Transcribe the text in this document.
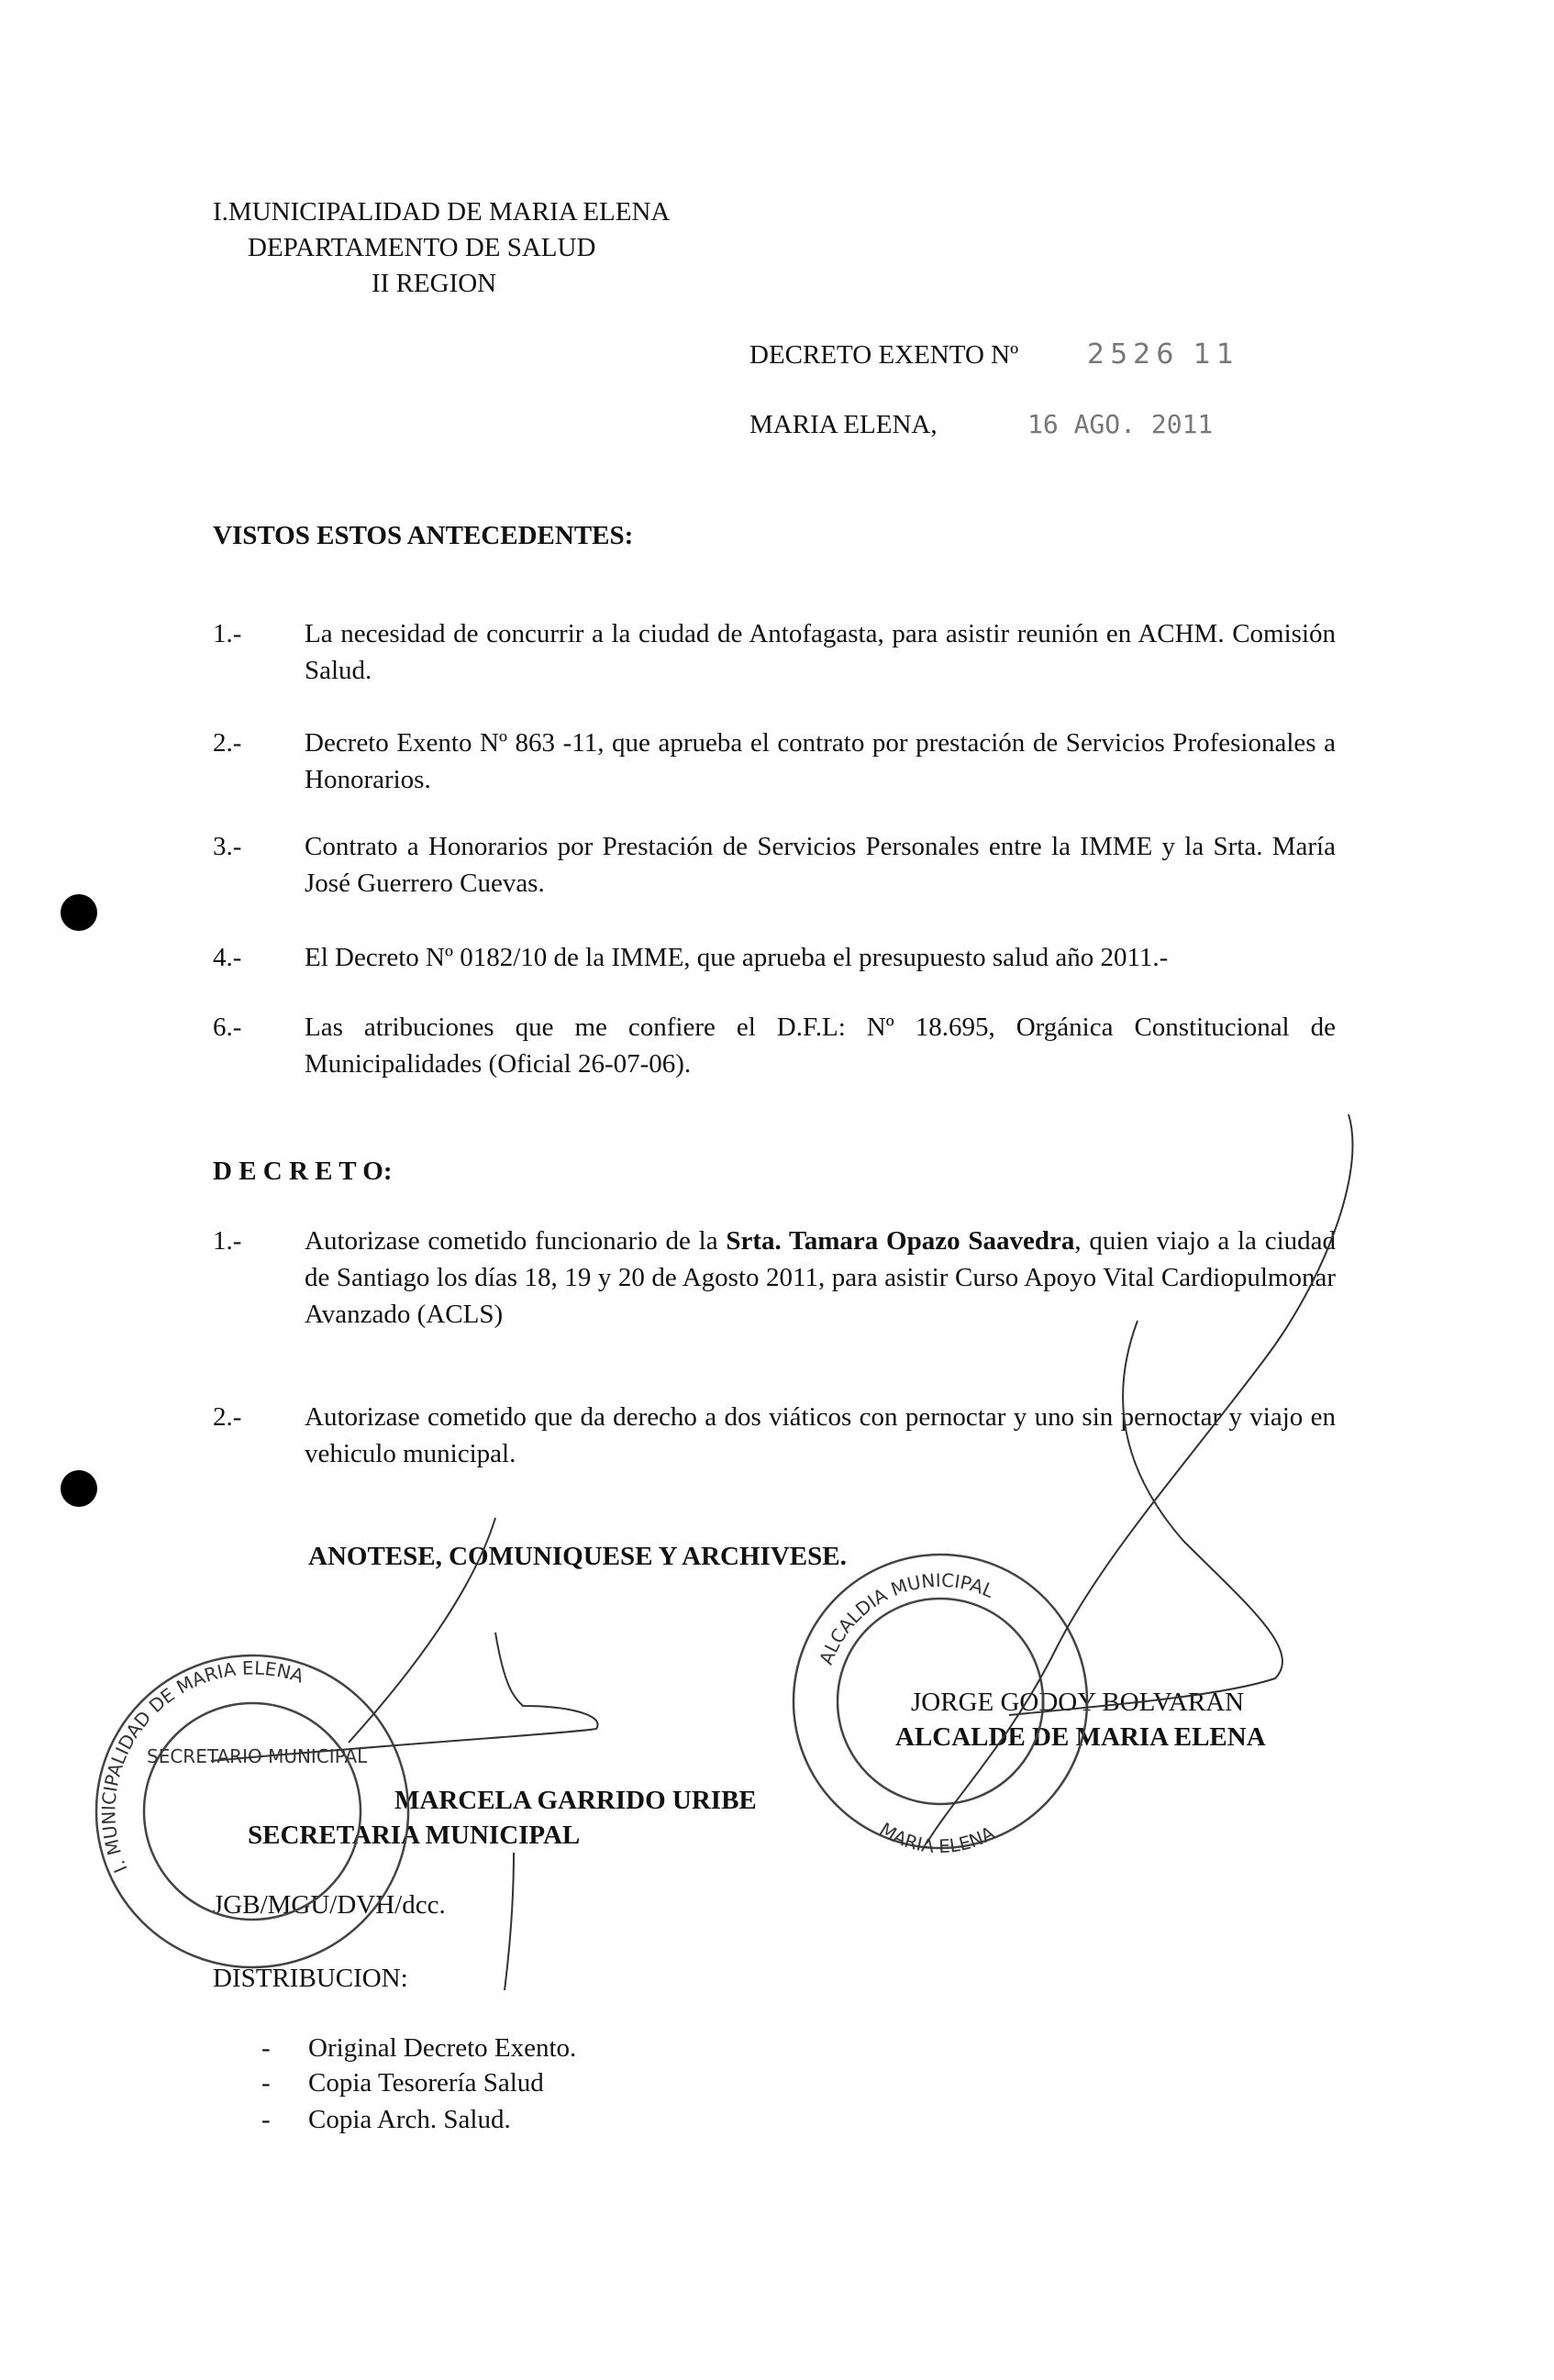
I.MUNICIPALIDAD DE MARIA ELENA
DEPARTAMENTO DE SALUD
II REGION
DECRETO EXENTO Nº 2526 11
MARIA ELENA,	16 AGO. 2011
VISTOS ESTOS ANTECEDENTES:
1.- La necesidad de concurrir a la ciudad de Antofagasta, para asistir reunión en ACHM. Comisión Salud.
2.- Decreto Exento Nº 863 -11, que aprueba el contrato por prestación de Servicios Profesionales a Honorarios.
3.- Contrato a Honorarios por Prestación de Servicios Personales entre la IMME y la Srta. María José Guerrero Cuevas.
4.- El Decreto Nº 0182/10 de la IMME, que aprueba el presupuesto salud año 2011.-
6.- Las atribuciones que me confiere el D.F.L: Nº 18.695, Orgánica Constitucional de Municipalidades (Oficial 26-07-06).
D E C R E T O:
1.- Autorizase cometido funcionario de la Srta. Tamara Opazo Saavedra, quien viajo a la ciudad de Santiago los días 18, 19 y 20 de Agosto 2011, para asistir Curso Apoyo Vital Cardiopulmonar Avanzado (ACLS)
2.- Autorizase cometido que da derecho a dos viáticos con pernoctar y uno sin pernoctar y viajo en vehiculo municipal.
ANOTESE, COMUNIQUESE Y ARCHIVESE.
MARCELA GARRIDO URIBE
SECRETARIA MUNICIPAL
JORGE GODOY BOLVARAN
ALCALDE DE MARIA ELENA
JGB/MGU/DVH/dcc.
DISTRIBUCION:
- Original Decreto Exento.
- Copia Tesorería Salud
- Copia Arch. Salud.
I. MUNICIPALIDAD DE MARIA ELENA
SECRETARIO MUNICIPAL
ALCALDIA MUNICIPAL
MARIA ELENA
